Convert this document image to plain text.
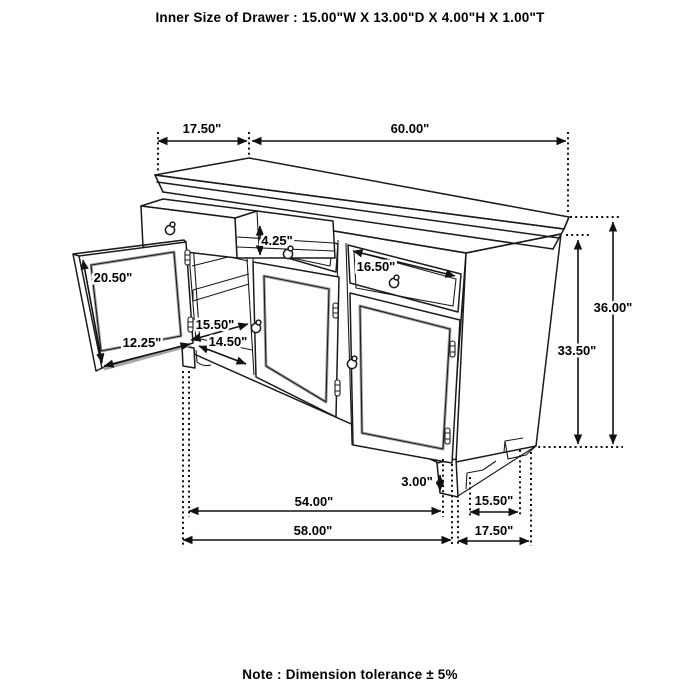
Inner Size of Drawer : 15.00"W X 13.00"D X 4.00"H X 1.00"T
17.50"	60.00"
4.25"
16.50"
20.50"
12.25"
15.50"
14.50"
36.00"
33.50"
3.00"
54.00"
58.00"
15.50"
17.50"
Note : Dimension tolerance ± 5%
